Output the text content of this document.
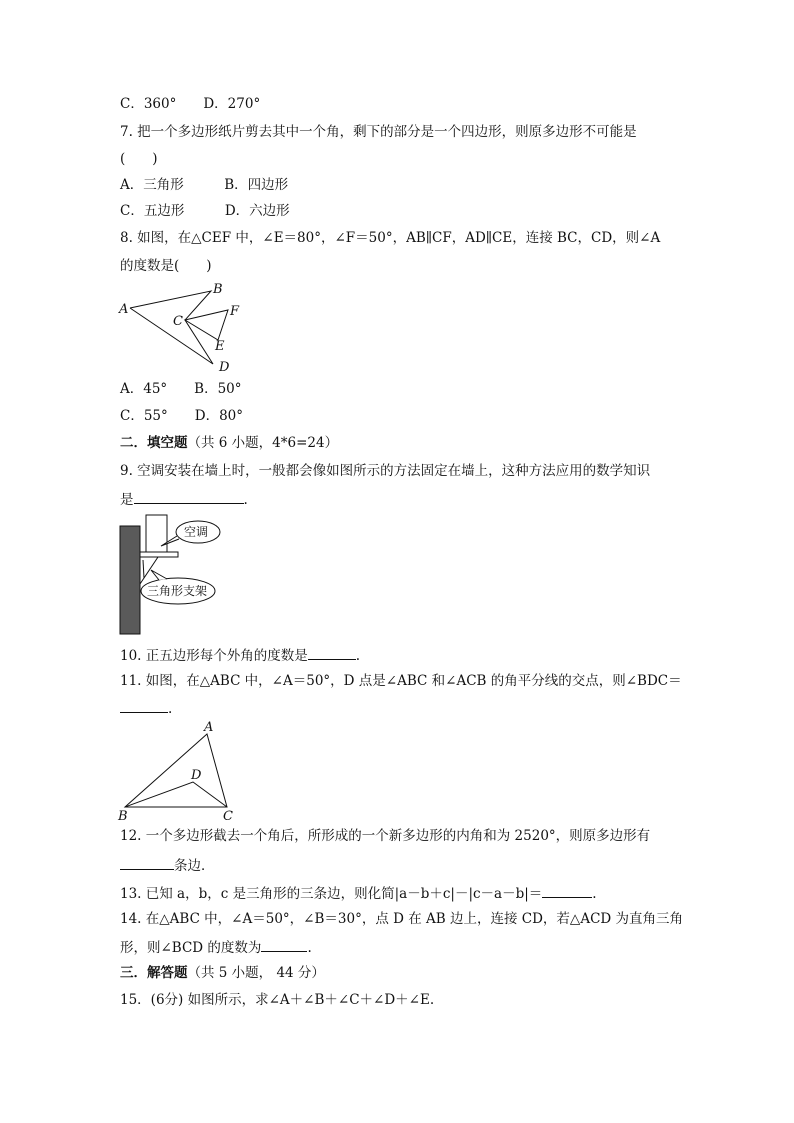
C．360°　　D．270°
7. 把一个多边形纸片剪去其中一个角，剩下的部分是一个四边形，则原多边形不可能是
(　　)
A．三角形　　　B．四边形
C．五边形　　　D．六边形
8. 如图，在△CEF 中，∠E＝80°，∠F＝50°，AB∥CF，AD∥CE，连接 BC，CD，则∠A
的度数是(　　)
A
B
C
F
E
D
A．45°　　B．50°
C．55°　　D．80°
二．填空题（共 6 小题，4*6=24）
9. 空调安装在墙上时，一般都会像如图所示的方法固定在墙上，这种方法应用的数学知识
是	.
空调
三角形支架
10. 正五边形每个外角的度数是	.
11. 如图，在△ABC 中，∠A＝50°，D 点是∠ABC 和∠ACB 的角平分线的交点，则∠BDC＝
.
A
D
B	C
12. 一个多边形截去一个角后，所形成的一个新多边形的内角和为 2520°，则原多边形有
条边．
13. 已知 a，b，c 是三角形的三条边，则化简|a－b＋c|－|c－a－b|＝	.
14. 在△ABC 中，∠A＝50°，∠B＝30°，点 D 在 AB 边上，连接 CD，若△ACD 为直角三角
形，则∠BCD 的度数为	.
三．解答题（共 5 小题， 44 分）
15．(6分) 如图所示，求∠A＋∠B＋∠C＋∠D＋∠E.
